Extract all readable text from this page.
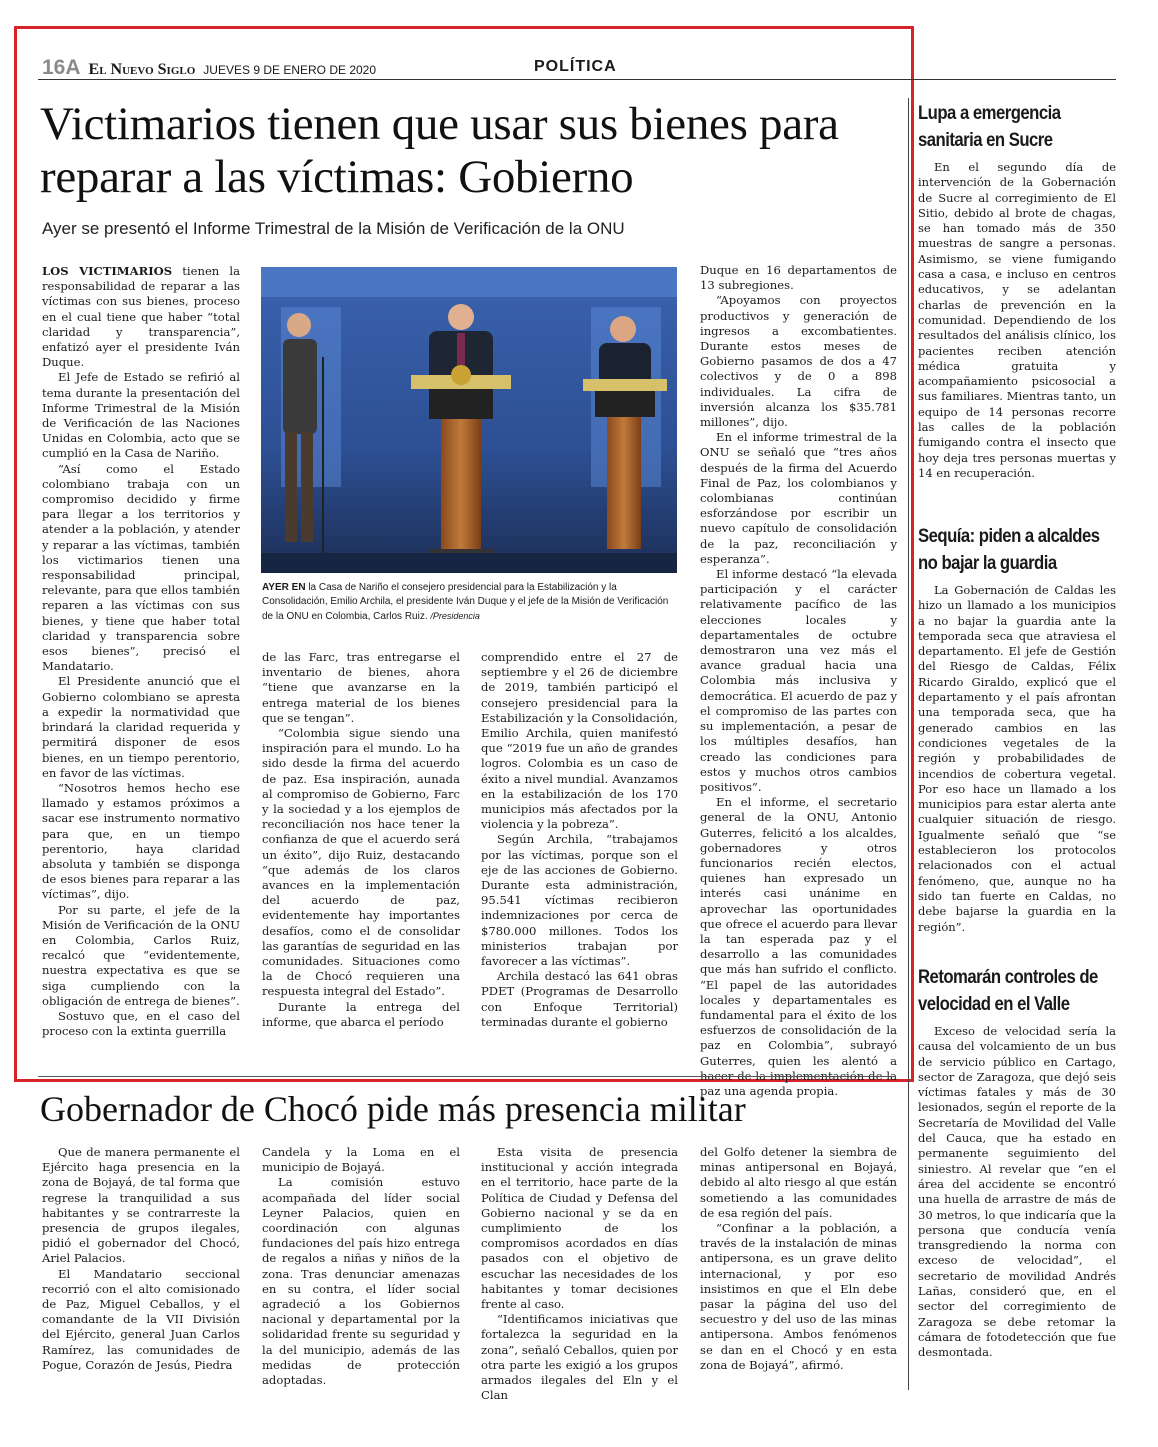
16A El Nuevo Siglo JUEVES 9 DE ENERO DE 2020	POLÍTICA
Victimarios tienen que usar sus bienes para reparar a las víctimas: Gobierno
Ayer se presentó el Informe Trimestral de la Misión de Verificación de la ONU

LOS VICTIMARIOS tienen la responsabilidad de reparar a las víctimas con sus bienes, proceso en el cual tiene que haber “total claridad y transparencia”, enfatizó ayer el presidente Iván Duque.

El Jefe de Estado se refirió al tema durante la presentación del Informe Trimestral de la Misión de Verificación de las Naciones Unidas en Colombia, acto que se cumplió en la Casa de Nariño.

“Así como el Estado colombiano trabaja con un compromiso decidido y firme para llegar a los territorios y atender a la población, y atender y reparar a las víctimas, también los victimarios tienen una responsabilidad principal, relevante, para que ellos también reparen a las víctimas con sus bienes, y tiene que haber total claridad y transparencia sobre esos bienes”, precisó el Mandatario.

El Presidente anunció que el Gobierno colombiano se apresta a expedir la normatividad que brindará la claridad requerida y permitirá disponer de esos bienes, en un tiempo perentorio, en favor de las víctimas.

“Nosotros hemos hecho ese llamado y estamos próximos a sacar ese instrumento normativo para que, en un tiempo perentorio, haya claridad absoluta y también se disponga de esos bienes para reparar a las víctimas”, dijo.

Por su parte, el jefe de la Misión de Verificación de la ONU en Colombia, Carlos Ruiz, recalcó que “evidentemente, nuestra expectativa es que se siga cumpliendo con la obligación de entrega de bienes”.

Sostuvo que, en el caso del proceso con la extinta guerrilla

AYER EN la Casa de Nariño el consejero presidencial para la Estabilización y la Consolidación, Emilio Archila, el presidente Iván Duque y el jefe de la Misión de Verificación de la ONU en Colombia, Carlos Ruiz. /Presidencia

de las Farc, tras entregarse el inventario de bienes, ahora “tiene que avanzarse en la entrega material de los bienes que se tengan”.

“Colombia sigue siendo una inspiración para el mundo. Lo ha sido desde la firma del acuerdo de paz. Esa inspiración, aunada al compromiso de Gobierno, Farc y la sociedad y a los ejemplos de reconciliación nos hace tener la confianza de que el acuerdo será un éxito”, dijo Ruiz, destacando “que además de los claros avances en la implementación del acuerdo de paz, evidentemente hay importantes desafíos, como el de consolidar las garantías de seguridad en las comunidades. Situaciones como la de Chocó requieren una respuesta integral del Estado”.

Durante la entrega del informe, que abarca el período

comprendido entre el 27 de septiembre y el 26 de diciembre de 2019, también participó el consejero presidencial para la Estabilización y la Consolidación, Emilio Archila, quien manifestó que “2019 fue un año de grandes logros. Colombia es un caso de éxito a nivel mundial. Avanzamos en la estabilización de los 170 municipios más afectados por la violencia y la pobreza”.

Según Archila, “trabajamos por las víctimas, porque son el eje de las acciones de Gobierno. Durante esta administración, 95.541 víctimas recibieron indemnizaciones por cerca de $780.000 millones. Todos los ministerios trabajan por favorecer a las víctimas”.

Archila destacó las 641 obras PDET (Programas de Desarrollo con Enfoque Territorial) terminadas durante el gobierno

Duque en 16 departamentos de 13 subregiones.

“Apoyamos con proyectos productivos y generación de ingresos a excombatientes. Durante estos meses de Gobierno pasamos de dos a 47 colectivos y de 0 a 898 individuales. La cifra de inversión alcanza los $35.781 millones”, dijo.

En el informe trimestral de la ONU se señaló que “tres años después de la firma del Acuerdo Final de Paz, los colombianos y colombianas continúan esforzándose por escribir un nuevo capítulo de consolidación de la paz, reconciliación y esperanza”.

El informe destacó “la elevada participación y el carácter relativamente pacífico de las elecciones locales y departamentales de octubre demostraron una vez más el avance gradual hacia una Colombia más inclusiva y democrática. El acuerdo de paz y el compromiso de las partes con su implementación, a pesar de los múltiples desafíos, han creado las condiciones para estos y muchos otros cambios positivos”.

En el informe, el secretario general de la ONU, Antonio Guterres, felicitó a los alcaldes, gobernadores y otros funcionarios recién electos, quienes han expresado un interés casi unánime en aprovechar las oportunidades que ofrece el acuerdo para llevar la tan esperada paz y el desarrollo a las comunidades que más han sufrido el conflicto. “El papel de las autoridades locales y departamentales es fundamental para el éxito de los esfuerzos de consolidación de la paz en Colombia”, subrayó Guterres, quien les alentó a hacer de la implementación de la paz una agenda propia.

Lupa a emergencia sanitaria en Sucre

En el segundo día de intervención de la Gobernación de Sucre al corregimiento de El Sitio, debido al brote de chagas, se han tomado más de 350 muestras de sangre a personas. Asimismo, se viene fumigando casa a casa, e incluso en centros educativos, y se adelantan charlas de prevención en la comunidad. Dependiendo de los resultados del análisis clínico, los pacientes reciben atención médica gratuita y acompañamiento psicosocial a sus familiares. Mientras tanto, un equipo de 14 personas recorre las calles de la población fumigando contra el insecto que hoy deja tres personas muertas y 14 en recuperación.

Sequía: piden a alcaldes no bajar la guardia

La Gobernación de Caldas les hizo un llamado a los municipios a no bajar la guardia ante la temporada seca que atraviesa el departamento. El jefe de Gestión del Riesgo de Caldas, Félix Ricardo Giraldo, explicó que el departamento y el país afrontan una temporada seca, que ha generado cambios en las condiciones vegetales de la región y probabilidades de incendios de cobertura vegetal. Por eso hace un llamado a los municipios para estar alerta ante cualquier situación de riesgo. Igualmente señaló que “se establecieron los protocolos relacionados con el actual fenómeno, que, aunque no ha sido tan fuerte en Caldas, no debe bajarse la guardia en la región”.

Retomarán controles de velocidad en el Valle

Exceso de velocidad sería la causa del volcamiento de un bus de servicio público en Cartago, sector de Zaragoza, que dejó seis víctimas fatales y más de 30 lesionados, según el reporte de la Secretaría de Movilidad del Valle del Cauca, que ha estado en permanente seguimiento del siniestro. Al revelar que “en el área del accidente se encontró una huella de arrastre de más de 30 metros, lo que indicaría que la persona que conducía venía transgrediendo la norma con exceso de velocidad”, el secretario de movilidad Andrés Lañas, consideró que, en el sector del corregimiento de Zaragoza se debe retomar la cámara de fotodetección que fue desmontada.

Gobernador de Chocó pide más presencia militar

Que de manera permanente el Ejército haga presencia en la zona de Bojayá, de tal forma que regrese la tranquilidad a sus habitantes y se contrarreste la presencia de grupos ilegales, pidió el gobernador del Chocó, Ariel Palacios.

El Mandatario seccional recorrió con el alto comisionado de Paz, Miguel Ceballos, y el comandante de la VII División del Ejército, general Juan Carlos Ramírez, las comunidades de Pogue, Corazón de Jesús, Piedra

Candela y la Loma en el municipio de Bojayá.

La comisión estuvo acompañada del líder social Leyner Palacios, quien en coordinación con algunas fundaciones del país hizo entrega de regalos a niñas y niños de la zona. Tras denunciar amenazas en su contra, el líder social agradeció a los Gobiernos nacional y departamental por la solidaridad frente su seguridad y la del municipio, además de las medidas de protección adoptadas.

Esta visita de presencia institucional y acción integrada en el territorio, hace parte de la Política de Ciudad y Defensa del Gobierno nacional y se da en cumplimiento de los compromisos acordados en días pasados con el objetivo de escuchar las necesidades de los habitantes y tomar decisiones frente al caso.

“Identificamos iniciativas que fortalezca la seguridad en la zona”, señaló Ceballos, quien por otra parte les exigió a los grupos armados ilegales del Eln y el Clan

del Golfo detener la siembra de minas antipersonal en Bojayá, debido al alto riesgo al que están sometiendo a las comunidades de esa región del país.

“Confinar a la población, a través de la instalación de minas antipersona, es un grave delito internacional, y por eso insistimos en que el Eln debe pasar la página del uso del secuestro y del uso de las minas antipersona. Ambos fenómenos se dan en el Chocó y en esta zona de Bojayá”, afirmó.
